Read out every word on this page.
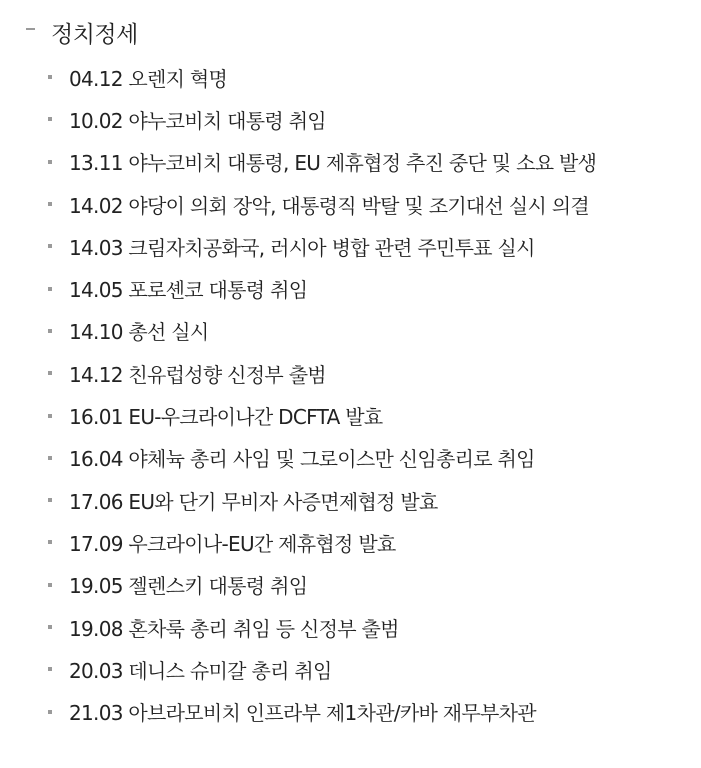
정치정세
04.12 오렌지 혁명
10.02 야누코비치 대통령 취임
13.11 야누코비치 대통령, EU 제휴협정 추진 중단 및 소요 발생
14.02 야당이 의회 장악, 대통령직 박탈 및 조기대선 실시 의결
14.03 크림자치공화국, 러시아 병합 관련 주민투표 실시
14.05 포로셴코 대통령 취임
14.10 총선 실시
14.12 친유럽성향 신정부 출범
16.01 EU-우크라이나간 DCFTA 발효
16.04 야체뉵 총리 사임 및 그로이스만 신임총리로 취임
17.06 EU와 단기 무비자 사증면제협정 발효
17.09 우크라이나-EU간 제휴협정 발효
19.05 젤렌스키 대통령 취임
19.08 혼차룩 총리 취임 등 신정부 출범
20.03 데니스 슈미갈 총리 취임
21.03 아브라모비치 인프라부 제1차관/카바 재무부차관
